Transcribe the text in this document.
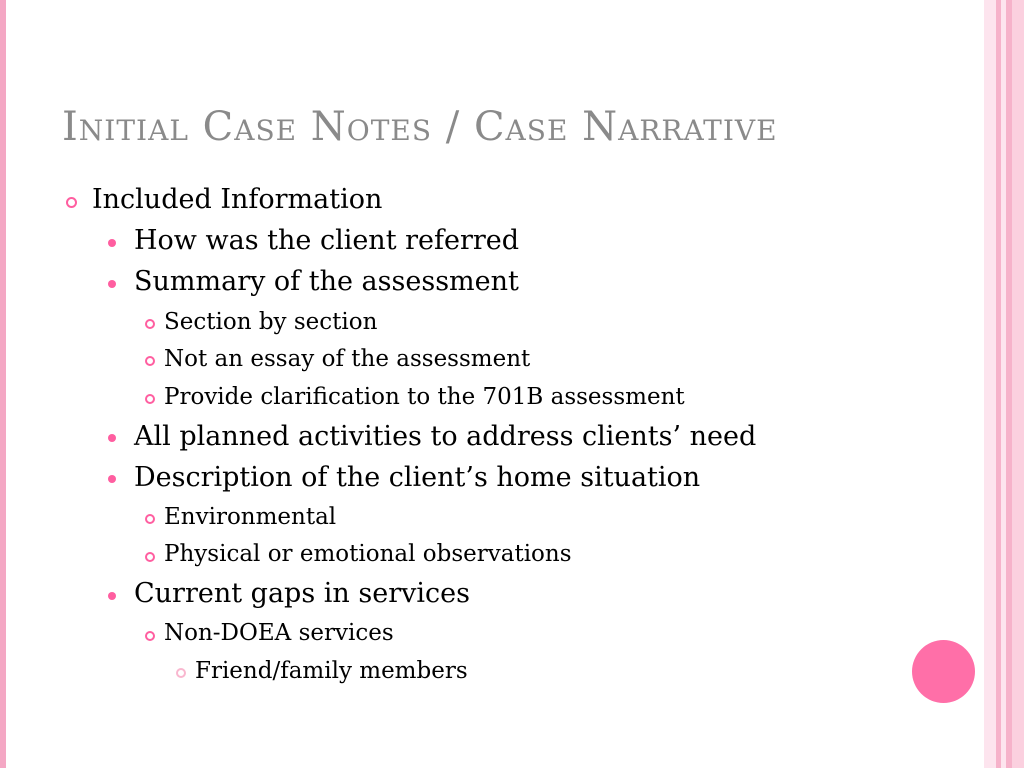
Initial Case Notes / Case Narrative
Included Information
How was the client referred
Summary of the assessment
Section by section
Not an essay of the assessment
Provide clarification to the 701B assessment
All planned activities to address clients’ need
Description of the client’s home situation
Environmental
Physical or emotional observations
Current gaps in services
Non-DOEA services
Friend/family members
